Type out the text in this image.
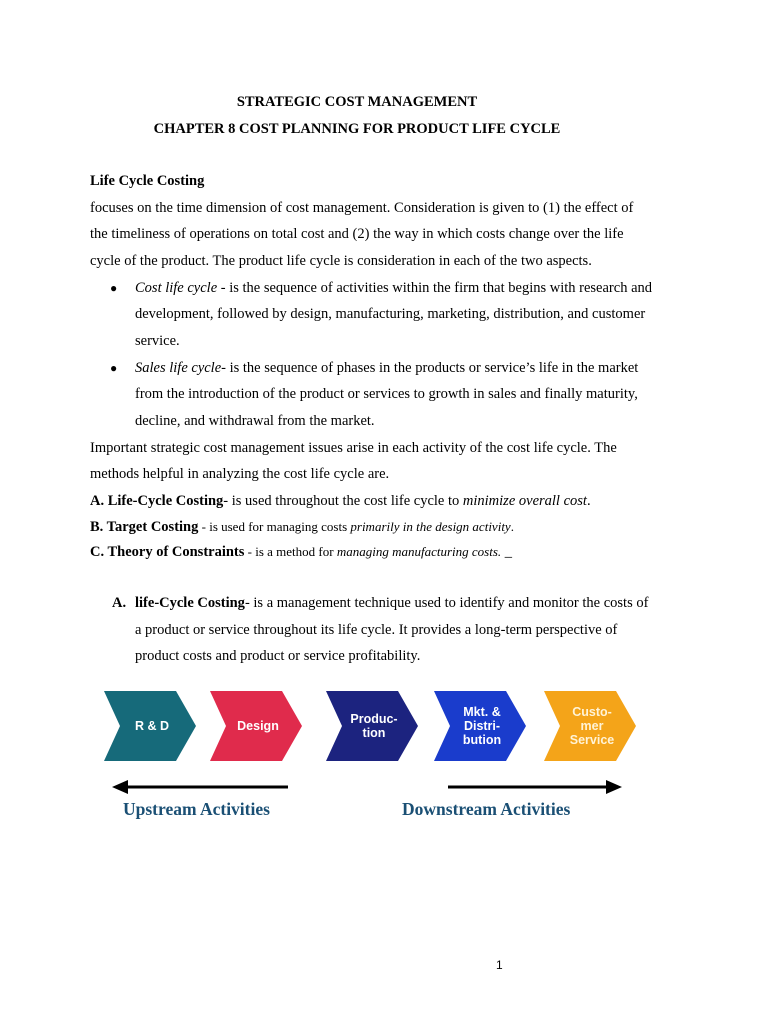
STRATEGIC COST MANAGEMENT
CHAPTER 8 COST PLANNING FOR PRODUCT LIFE CYCLE
Life Cycle Costing
focuses on the time dimension of cost management. Consideration is given to (1) the effect of
the timeliness of operations on total cost and (2) the way in which costs change over the life
cycle of the product. The product life cycle is consideration in each of the two aspects.
● Cost life cycle - is the sequence of activities within the firm that begins with research and
development, followed by design, manufacturing, marketing, distribution, and customer
service.
● Sales life cycle- is the sequence of phases in the products or service’s life in the market
from the introduction of the product or services to growth in sales and finally maturity,
decline, and withdrawal from the market.
Important strategic cost management issues arise in each activity of the cost life cycle. The
methods helpful in analyzing the cost life cycle are.
A. Life-Cycle Costing- is used throughout the cost life cycle to minimize overall cost.
B. Target Costing - is used for managing costs primarily in the design activity.
C. Theory of Constraints - is a method for managing manufacturing costs. _
A. life-Cycle Costing- is a management technique used to identify and monitor the costs of
a product or service throughout its life cycle. It provides a long-term perspective of
product costs and product or service profitability.
R & D	Design	Produc-
tion
Mkt. &
Distri-
bution
Custo-
mer
Service
Upstream Activities	Downstream Activities
1
